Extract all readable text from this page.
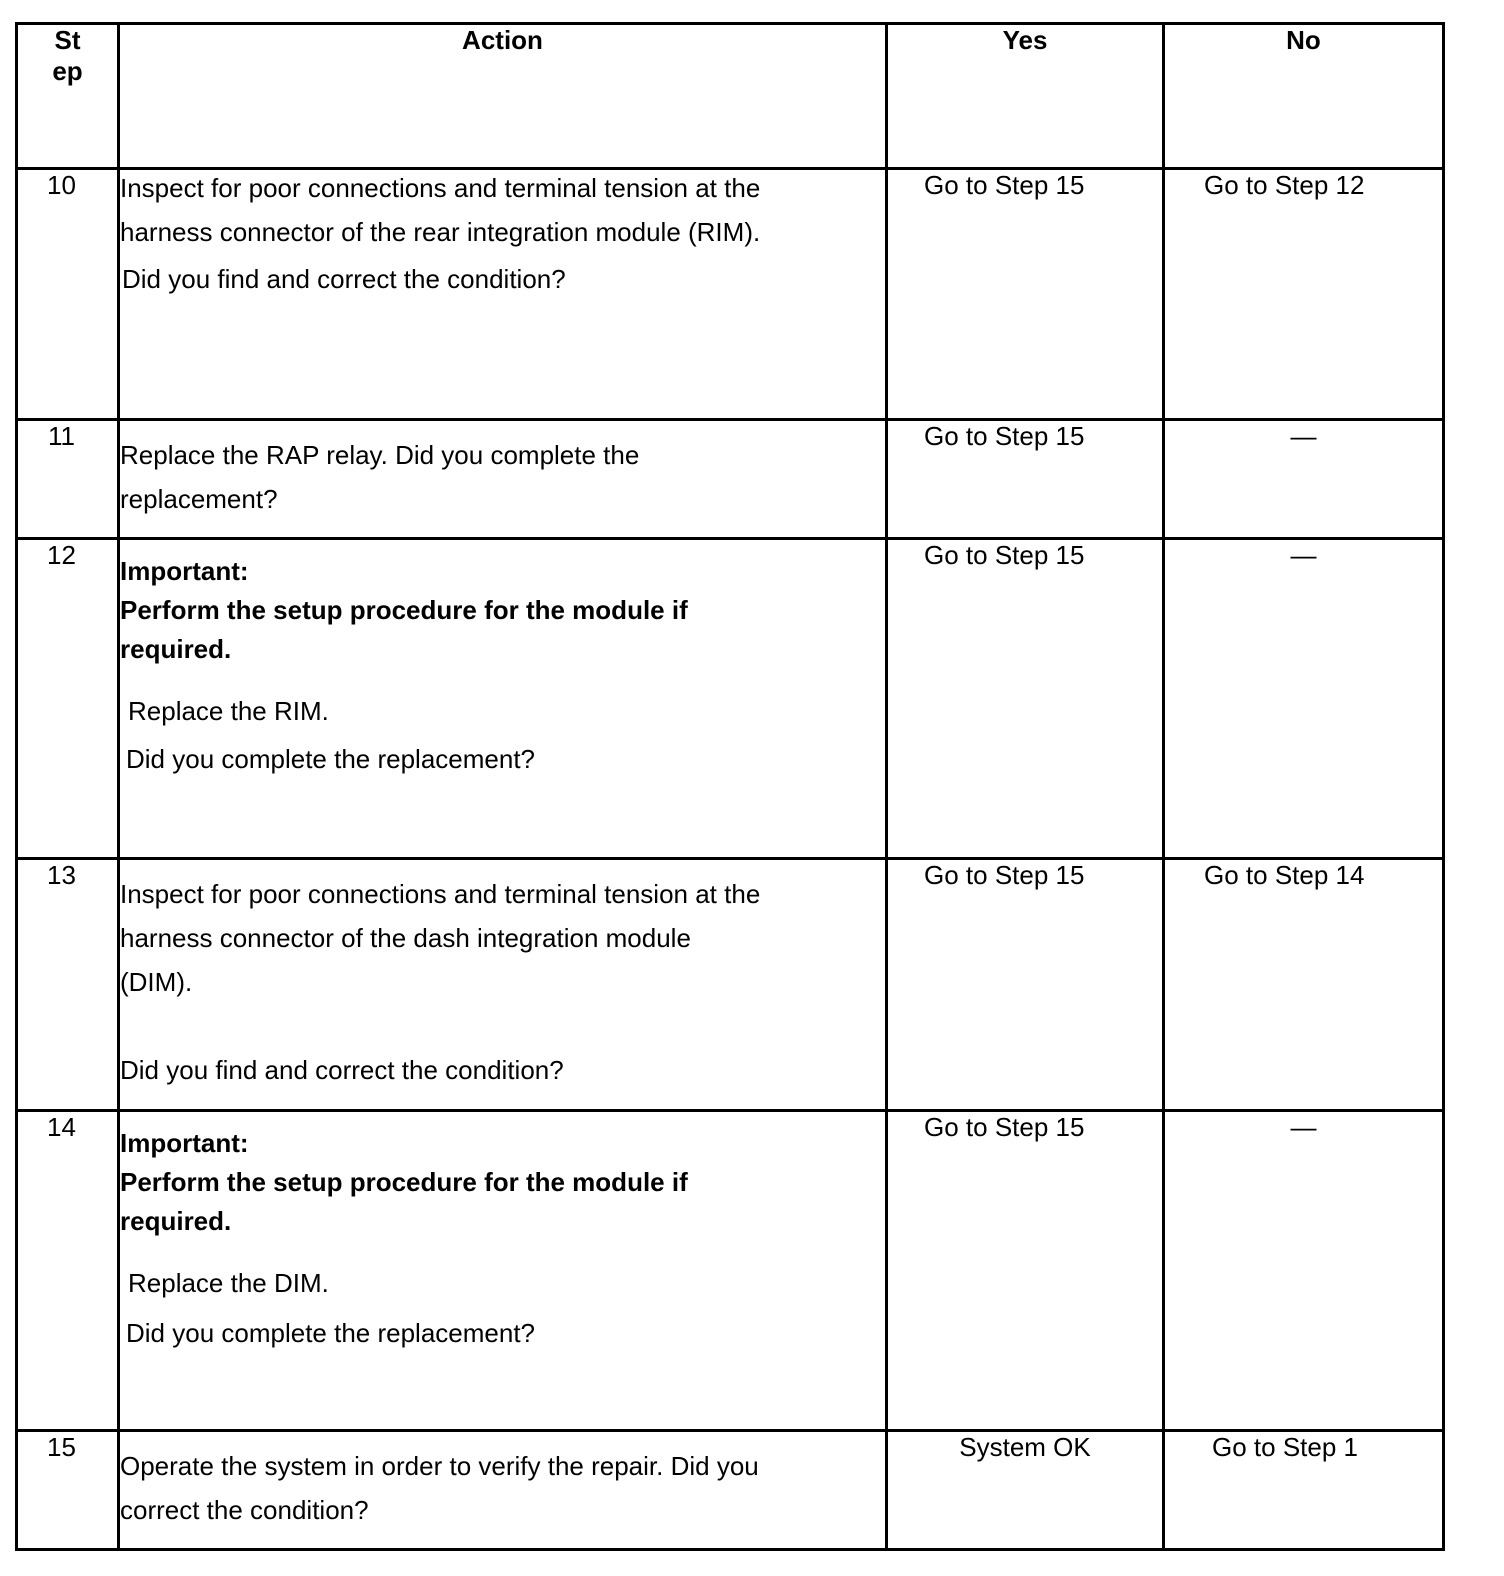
St
ep	Action	Yes	No

10	Inspect for poor connections and terminal tension at the

harness connector of the rear integration module (RIM).

Did you find and correct the condition?	Go to Step 15	Go to Step 12

11	Replace the RAP relay. Did you complete the

replacement?	Go to Step 15	—

12	Important:

Perform the setup procedure for the module if

required.

Replace the RIM.

Did you complete the replacement?	Go to Step 15	—

13	Inspect for poor connections and terminal tension at the

harness connector of the dash integration module

(DIM).

Did you find and correct the condition?	Go to Step 15	Go to Step 14

14	Important:

Perform the setup procedure for the module if

required.

Replace the DIM.

Did you complete the replacement?	Go to Step 15	—

15	Operate the system in order to verify the repair. Did you

correct the condition?	System OK	Go to Step 1
